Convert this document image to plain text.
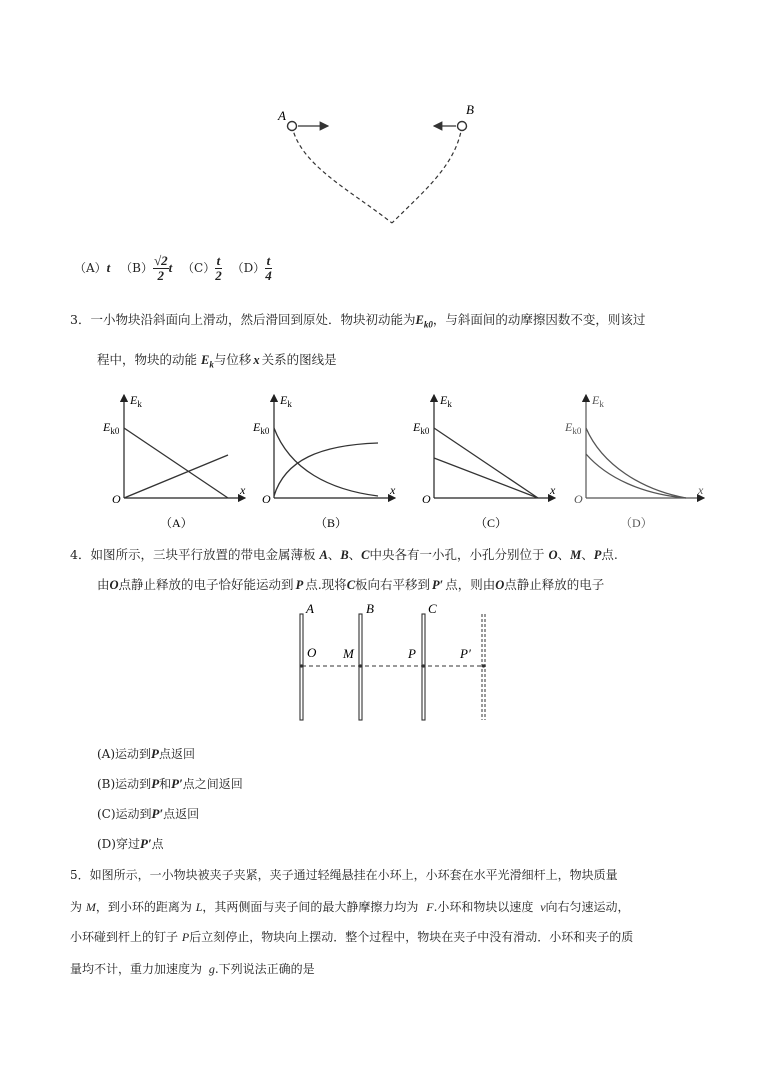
A	B
（A）t $(B) \frac{√2}{2}$ t $(C) \frac{t}{2} (D) \frac{t}{4}$
3．一小物块沿斜面向上滑动，然后滑回到原处．物块初动能为$E_{k0}$，与斜面间的动摩擦因数不变，则该过
程中，物块的动能 $E_k$与位移 x 关系的图线是
$E_k$
$E_{k0}$
O
x
（A）
$E_k$
$E_{k0}$
O
x
（B）
$E_k$
$E_{k0}$
O
x
（C）
$E_k$
$E_{k0}$
O
x
（D）
4．如图所示，三块平行放置的带电金属薄板 A、B、C中央各有一小孔，小孔分别位于 O、M、P点.
由O点静止释放的电子恰好能运动到 P 点.现将C板向右平移到 P′ 点，则由O点静止释放的电子
A	B	C
O M	P	P′
(A)运动到P点返回
(B)运动到P和P′点之间返回
(C)运动到P′点返回
(D)穿过P′点
5．如图所示，一小物块被夹子夹紧，夹子通过轻绳悬挂在小环上，小环套在水平光滑细杆上，物块质量
为 M，到小环的距离为 L，其两侧面与夹子间的最大静摩擦力均为 F.小环和物块以速度 v向右匀速运动，
小环碰到杆上的钉子 P后立刻停止，物块向上摆动．整个过程中，物块在夹子中没有滑动．小环和夹子的质
量均不计，重力加速度为 g.下列说法正确的是
